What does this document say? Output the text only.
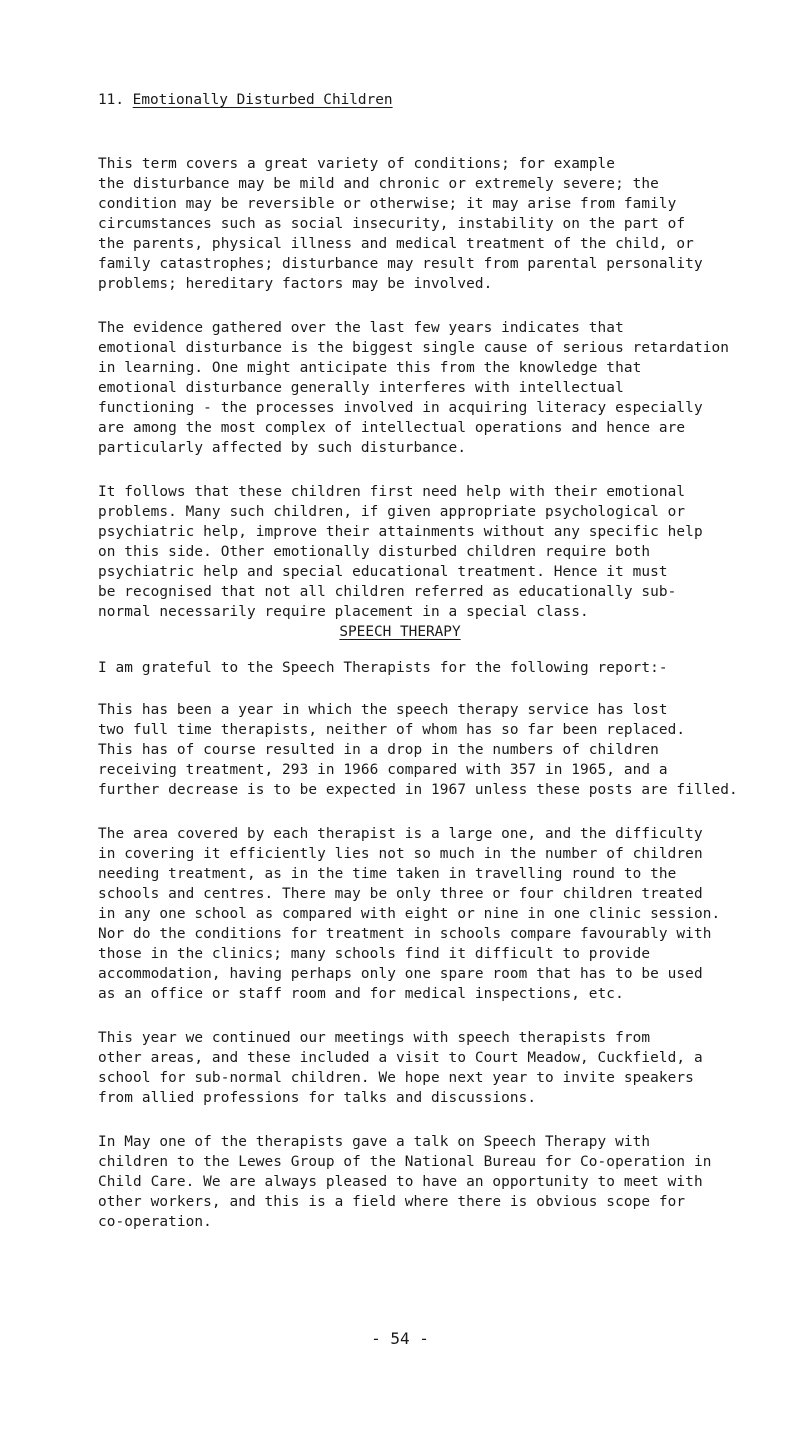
11. Emotionally Disturbed Children
This term covers a great variety of conditions; for example
the disturbance may be mild and chronic or extremely severe; the
condition may be reversible or otherwise; it may arise from family
circumstances such as social insecurity, instability on the part of
the parents, physical illness and medical treatment of the child, or
family catastrophes; disturbance may result from parental personality
problems; hereditary factors may be involved.
The evidence gathered over the last few years indicates that
emotional disturbance is the biggest single cause of serious retardation
in learning. One might anticipate this from the knowledge that
emotional disturbance generally interferes with intellectual
functioning - the processes involved in acquiring literacy especially
are among the most complex of intellectual operations and hence are
particularly affected by such disturbance.
It follows that these children first need help with their emotional
problems. Many such children, if given appropriate psychological or
psychiatric help, improve their attainments without any specific help
on this side. Other emotionally disturbed children require both
psychiatric help and special educational treatment. Hence it must
be recognised that not all children referred as educationally sub-
normal necessarily require placement in a special class.
SPEECH THERAPY
I am grateful to the Speech Therapists for the following report:-
This has been a year in which the speech therapy service has lost
two full time therapists, neither of whom has so far been replaced.
This has of course resulted in a drop in the numbers of children
receiving treatment, 293 in 1966 compared with 357 in 1965, and a
further decrease is to be expected in 1967 unless these posts are filled.
The area covered by each therapist is a large one, and the difficulty
in covering it efficiently lies not so much in the number of children
needing treatment, as in the time taken in travelling round to the
schools and centres. There may be only three or four children treated
in any one school as compared with eight or nine in one clinic session.
Nor do the conditions for treatment in schools compare favourably with
those in the clinics; many schools find it difficult to provide
accommodation, having perhaps only one spare room that has to be used
as an office or staff room and for medical inspections, etc.
This year we continued our meetings with speech therapists from
other areas, and these included a visit to Court Meadow, Cuckfield, a
school for sub-normal children. We hope next year to invite speakers
from allied professions for talks and discussions.
In May one of the therapists gave a talk on Speech Therapy with
children to the Lewes Group of the National Bureau for Co-operation in
Child Care. We are always pleased to have an opportunity to meet with
other workers, and this is a field where there is obvious scope for
co-operation.
- 54 -
